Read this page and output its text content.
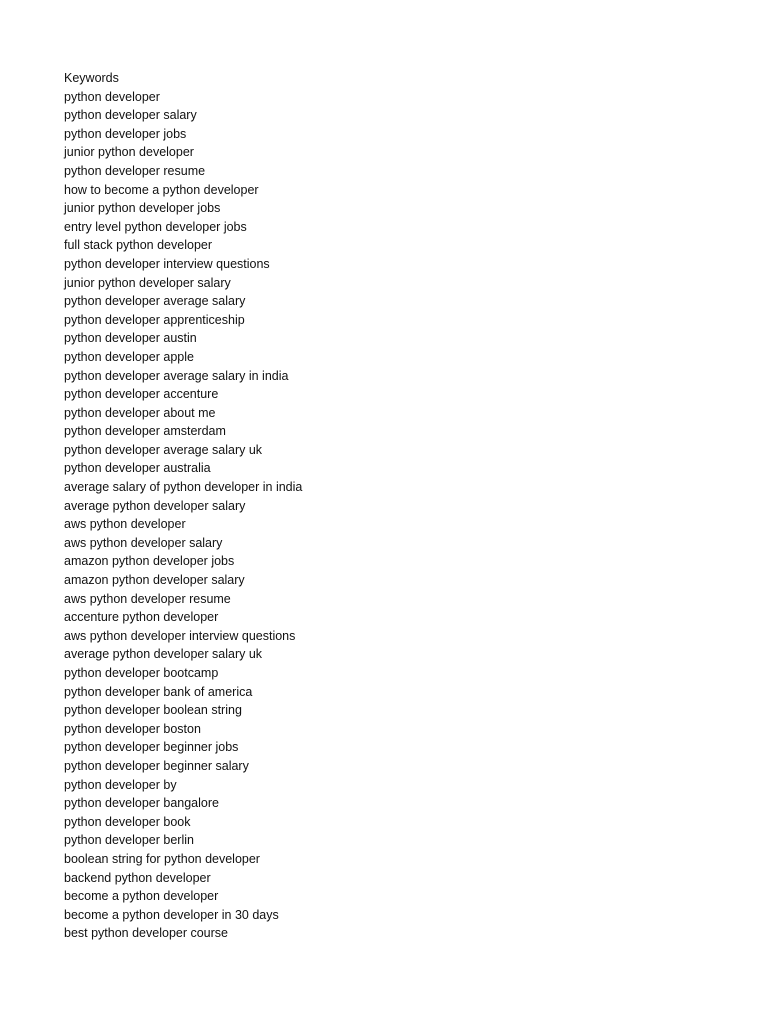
Keywords
python developer
python developer salary
python developer jobs
junior python developer
python developer resume
how to become a python developer
junior python developer jobs
entry level python developer jobs
full stack python developer
python developer interview questions
junior python developer salary
python developer average salary
python developer apprenticeship
python developer austin
python developer apple
python developer average salary in india
python developer accenture
python developer about me
python developer amsterdam
python developer average salary uk
python developer australia
average salary of python developer in india
average python developer salary
aws python developer
aws python developer salary
amazon python developer jobs
amazon python developer salary
aws python developer resume
accenture python developer
aws python developer interview questions
average python developer salary uk
python developer bootcamp
python developer bank of america
python developer boolean string
python developer boston
python developer beginner jobs
python developer beginner salary
python developer by
python developer bangalore
python developer book
python developer berlin
boolean string for python developer
backend python developer
become a python developer
become a python developer in 30 days
best python developer course
